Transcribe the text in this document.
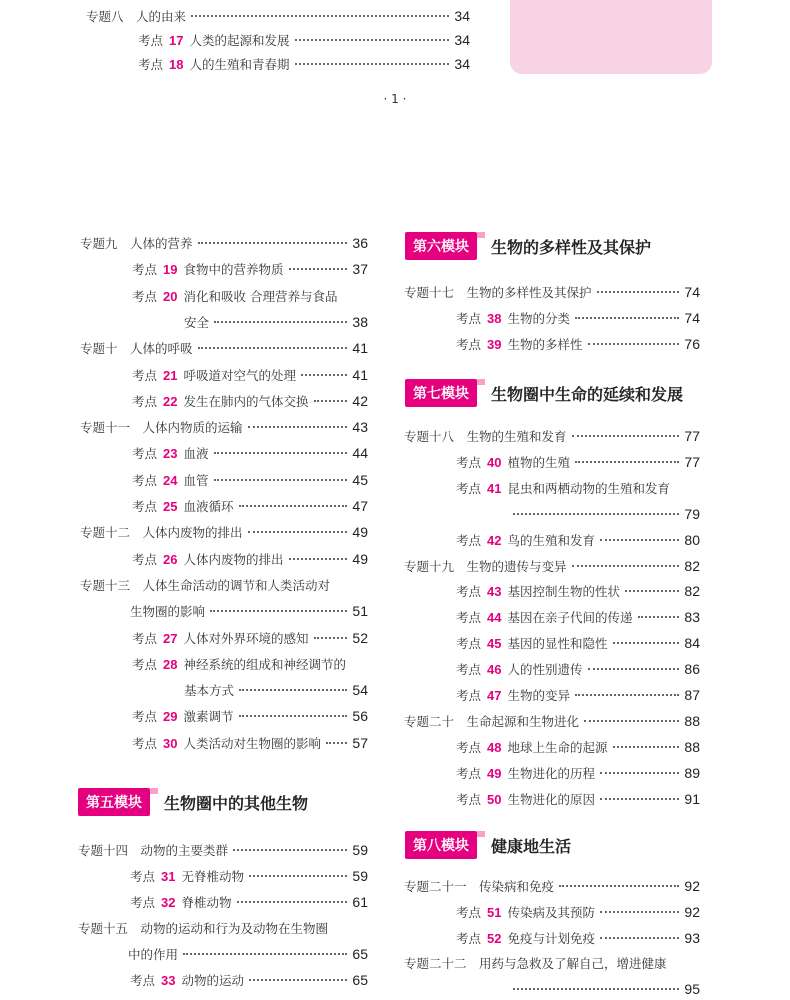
· 1 ·
专题八　人的由来	34
考点 17 人类的起源和发展	34
考点 18 人的生殖和青春期	34
专题九　人体的营养	36
考点 19 食物中的营养物质	37
考点 20 消化和吸收 合理营养与食品
安全	38
专题十　人体的呼吸	41
考点 21 呼吸道对空气的处理	41
考点 22 发生在肺内的气体交换	42
专题十一　人体内物质的运输	43
考点 23 血液	44
考点 24 血管	45
考点 25 血液循环	47
专题十二　人体内废物的排出	49
考点 26 人体内废物的排出	49
专题十三　人体生命活动的调节和人类活动对
生物圈的影响	51
考点 27 人体对外界环境的感知	52
考点 28 神经系统的组成和神经调节的
基本方式	54
考点 29 激素调节	56
考点 30 人类活动对生物圈的影响 57
专题十四　动物的主要类群	59
考点 31 无脊椎动物	59
考点 32 脊椎动物	61
专题十五　动物的运动和行为及动物在生物圈
中的作用	65
考点 33 动物的运动	65
专题十七　生物的多样性及其保护	74
考点 38 生物的分类	74
考点 39 生物的多样性	76
专题十八　生物的生殖和发育	77
考点 40 植物的生殖	77
考点 41 昆虫和两栖动物的生殖和发育
79
考点 42 鸟的生殖和发育	80
专题十九　生物的遗传与变异	82
考点 43 基因控制生物的性状	82
考点 44 基因在亲子代间的传递	83
考点 45 基因的显性和隐性	84
考点 46 人的性别遗传	86
考点 47 生物的变异	87
专题二十　生命起源和生物进化	88
考点 48 地球上生命的起源	88
考点 49 生物进化的历程	89
考点 50 生物进化的原因	91
专题二十一　传染病和免疫	92
考点 51 传染病及其预防	92
考点 52 免疫与计划免疫	93
专题二十二　用药与急救及了解自己，增进健康
95
第五模块	生物圈中的其他生物
第六模块	生物的多样性及其保护
第七模块	生物圈中生命的延续和发展
第八模块	健康地生活
